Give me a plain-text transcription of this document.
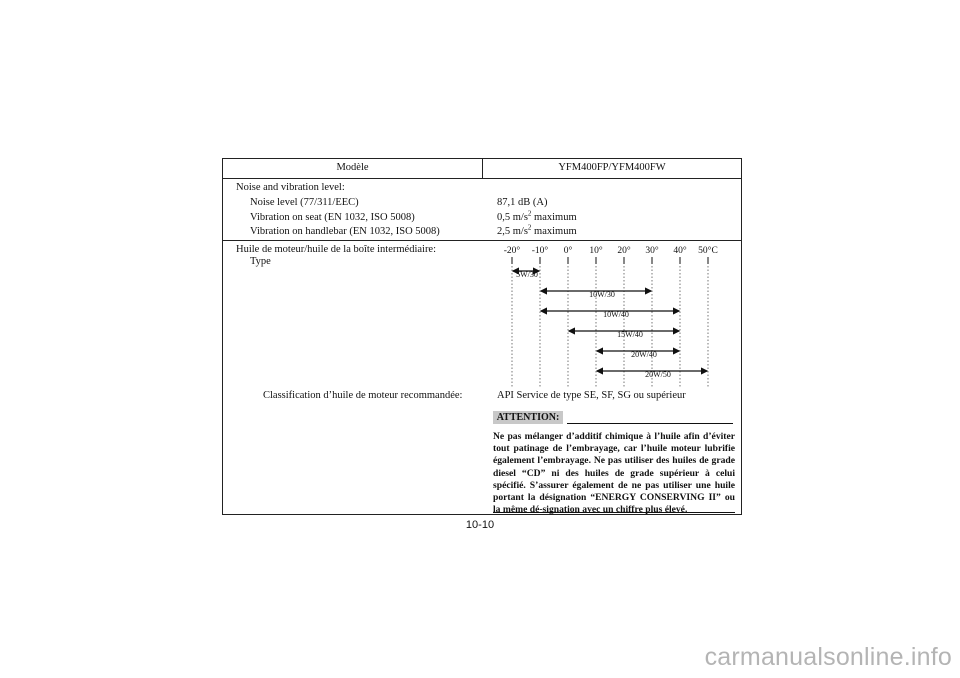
Modèle	YFM400FP/YFM400FW
Noise and vibration level:
Noise level (77/311/EEC)	87,1 dB (A)
Vibration on seat (EN 1032, ISO 5008)	0,5 $m/s^2$ maximum
Vibration on handlebar (EN 1032, ISO 5008)	2,5 $m/s^2$ maximum
Huile de moteur/huile de la boîte intermédiaire:
Type
-20° -10° 0° 10° 20° 30° 40° 50°C
5W/30
10W/30
10W/40
15W/40
20W/40
20W/50
Classification d’huile de moteur recommandée:	API Service de type SE, SF, SG ou supérieur
ATTENTION:
Ne pas mélanger d’additif chimique à l’huile afin d’éviter tout patinage de l’embrayage, car l’huile moteur lubrifie également l’embrayage. Ne pas utiliser des huiles de grade diesel “CD” ni des huiles de grade supérieur à celui spécifié. S’assurer également de ne pas utiliser une huile portant la désignation “ENERGY CONSERVING II” ou la même dé-signation avec un chiffre plus élevé.
10-10
carmanualsonline.info
